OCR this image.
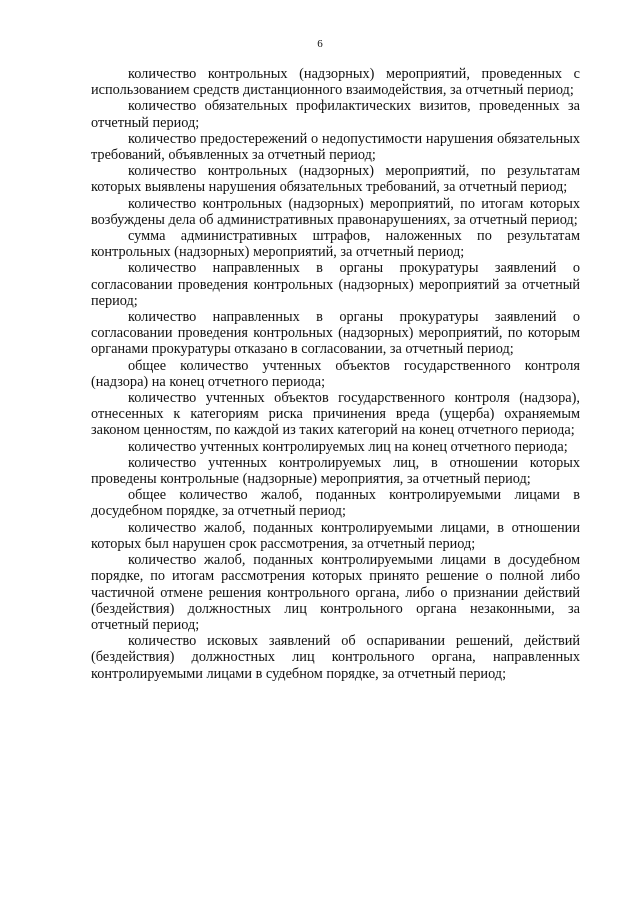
6

количество контрольных (надзорных) мероприятий, проведенных с использованием средств дистанционного взаимодействия, за отчетный период;

количество обязательных профилактических визитов, проведенных за отчетный период;

количество предостережений о недопустимости нарушения обязательных требований, объявленных за отчетный период;

количество контрольных (надзорных) мероприятий, по результатам которых выявлены нарушения обязательных требований, за отчетный период;

количество контрольных (надзорных) мероприятий, по итогам которых возбуждены дела об административных правонарушениях, за отчетный период;

сумма административных штрафов, наложенных по результатам контрольных (надзорных) мероприятий, за отчетный период;

количество направленных в органы прокуратуры заявлений о согласовании проведения контрольных (надзорных) мероприятий за отчетный период;

количество направленных в органы прокуратуры заявлений о согласовании проведения контрольных (надзорных) мероприятий, по которым органами прокуратуры отказано в согласовании, за отчетный период;

общее количество учтенных объектов государственного контроля (надзора) на конец отчетного периода;

количество учтенных объектов государственного контроля (надзора), отнесенных к категориям риска причинения вреда (ущерба) охраняемым законом ценностям, по каждой из таких категорий на конец отчетного периода;

количество учтенных контролируемых лиц на конец отчетного периода;

количество учтенных контролируемых лиц, в отношении которых проведены контрольные (надзорные) мероприятия, за отчетный период;

общее количество жалоб, поданных контролируемыми лицами в досудебном порядке, за отчетный период;

количество жалоб, поданных контролируемыми лицами, в отношении которых был нарушен срок рассмотрения, за отчетный период;

количество жалоб, поданных контролируемыми лицами в досудебном порядке, по итогам рассмотрения которых принято решение о полной либо частичной отмене решения контрольного органа, либо о признании действий (бездействия) должностных лиц контрольного органа незаконными, за отчетный период;

количество исковых заявлений об оспаривании решений, действий (бездействия) должностных лиц контрольного органа, направленных контролируемыми лицами в судебном порядке, за отчетный период;
